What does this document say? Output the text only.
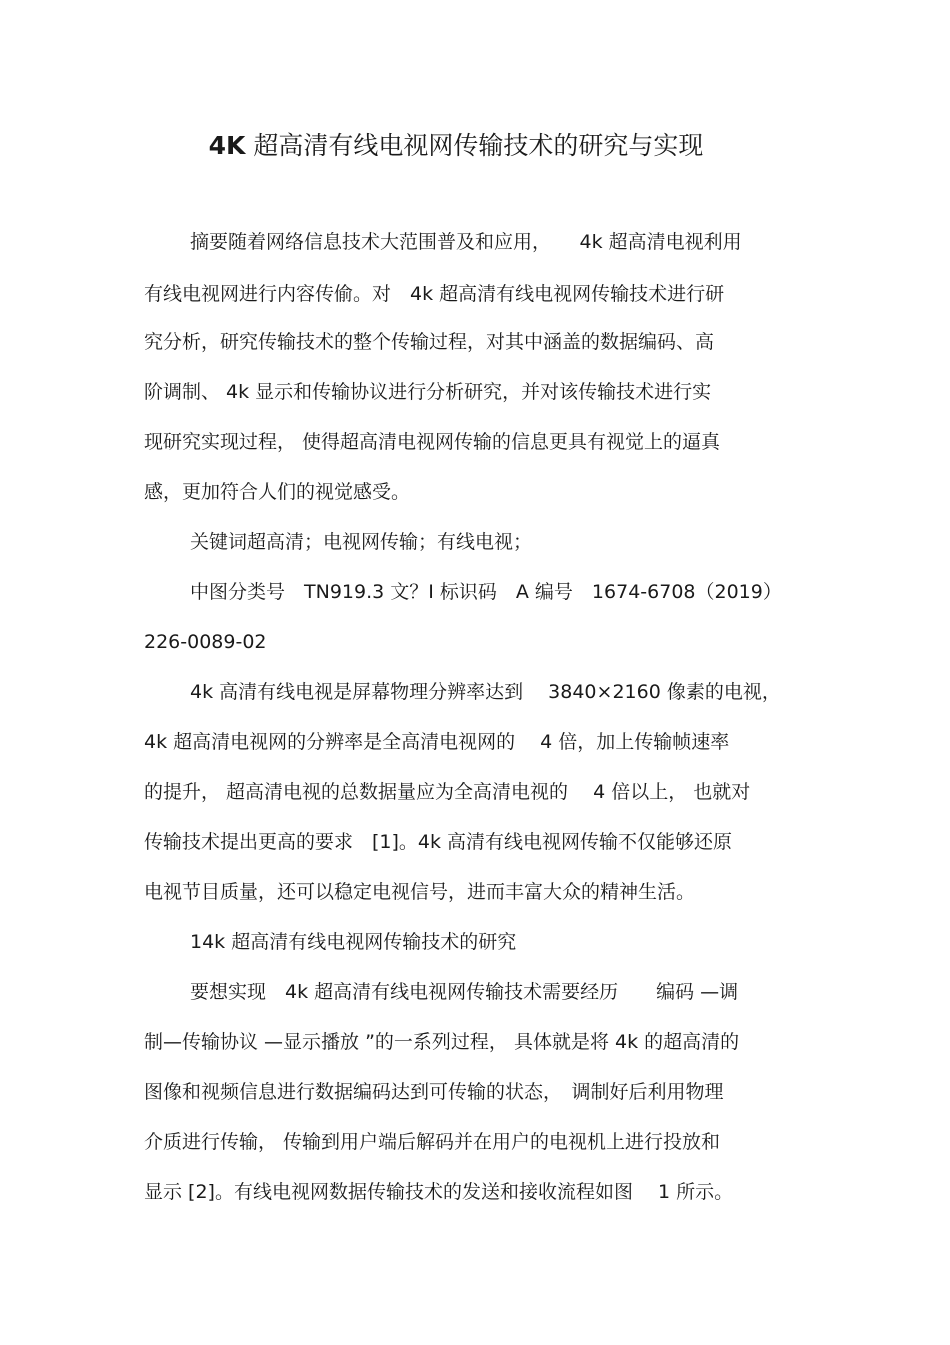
4K 超高清有线电视网传输技术的研究与实现
摘要随着网络信息技术大范围普及和应用，　　4k 超高清电视利用
有线电视网进行内容传偷。对　4k 超高清有线电视网传输技术进行研
究分析，研究传输技术的整个传输过程，对其中涵盖的数据编码、高
阶调制、 4k 显示和传输协议进行分析研究，并对该传输技术进行实
现研究实现过程， 使得超高清电视网传输的信息更具有视觉上的逼真
感，更加符合人们的视觉感受。
关键词超高清；电视网传输；有线电视；
中图分类号　TN919.3 文？I 标识码　A 编号　1674-6708（2019）
226-0089-02
4k 高清有线电视是屏幕物理分辨率达到　 3840×2160 像素的电视，
4k 超高清电视网的分辨率是全高清电视网的　 4 倍，加上传输帧速率
的提升， 超高清电视的总数据量应为全高清电视的　 4 倍以上， 也就对
传输技术提出更高的要求　[1]。4k 高清有线电视网传输不仅能够还原
电视节目质量，还可以稳定电视信号，进而丰富大众的精神生活。
14k 超高清有线电视网传输技术的研究
要想实现　4k 超高清有线电视网传输技术需要经历　　编码 —调
制—传输协议 —显示播放 ”的一系列过程， 具体就是将 4k 的超高清的
图像和视频信息进行数据编码达到可传输的状态，　调制好后利用物理
介质进行传输， 传输到用户端后解码并在用户的电视机上进行投放和
显示 [2]。有线电视网数据传输技术的发送和接收流程如图　 1 所示。
